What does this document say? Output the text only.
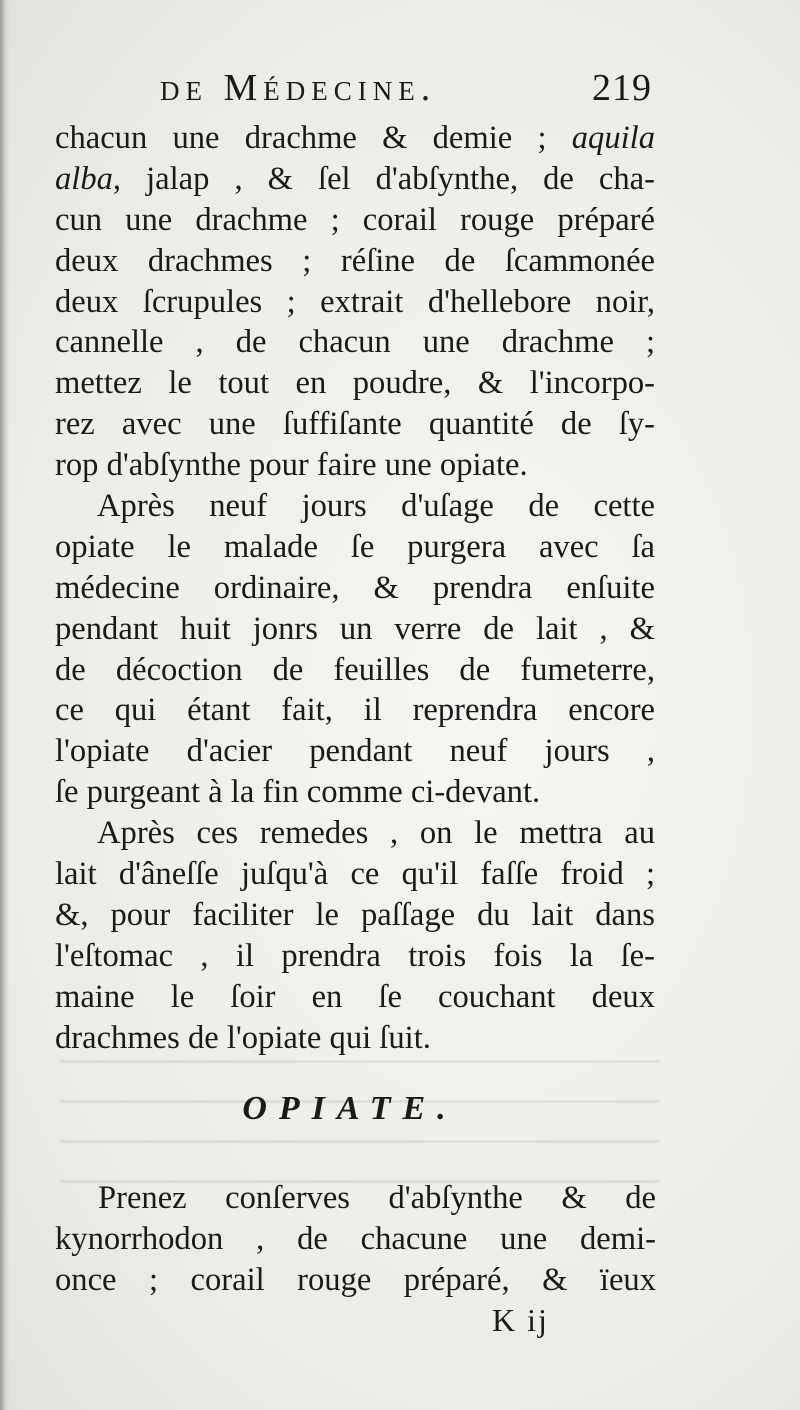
de Médecine.	219
chacun une drachme & demie ; aquila
alba, jalap , & ſel d'abſynthe, de cha-
cun une drachme ; corail rouge préparé
deux drachmes ; réſine de ſcammonée
deux ſcrupules ; extrait d'hellebore noir,
cannelle , de chacun une drachme ;
mettez le tout en poudre, & l'incorpo-
rez avec une ſuffiſante quantité de ſy-
rop d'abſynthe pour faire une opiate.
Après neuf jours d'uſage de cette
opiate le malade ſe purgera avec ſa
médecine ordinaire, & prendra enſuite
pendant huit jonrs un verre de lait , &
de décoction de feuilles de fumeterre,
ce qui étant fait, il reprendra encore
l'opiate d'acier pendant neuf jours ,
ſe purgeant à la fin comme ci-devant.
Après ces remedes , on le mettra au
lait d'âneſſe juſqu'à ce qu'il faſſe froid ;
&, pour faciliter le paſſage du lait dans
l'eſtomac , il prendra trois fois la ſe-
maine le ſoir en ſe couchant deux
drachmes de l'opiate qui ſuit.
OPIATE.
Prenez conſerves d'abſynthe & de
kynorrhodon , de chacune une demi-
once ; corail rouge préparé, & ïeux
K ij
